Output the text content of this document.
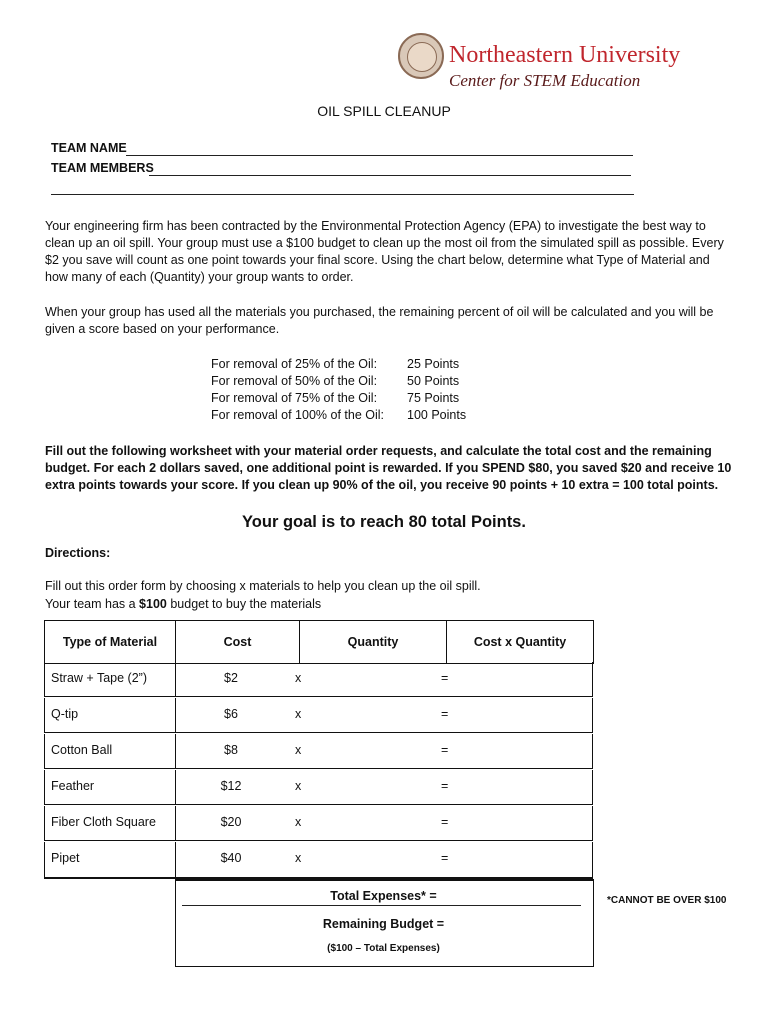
Northeastern University
Center for STEM Education
OIL SPILL CLEANUP
TEAM NAME
TEAM MEMBERS
Your engineering firm has been contracted by the Environmental Protection Agency (EPA) to investigate the best way to clean up an oil spill. Your group must use a $100 budget to clean up the most oil from the simulated spill as possible. Every $2 you save will count as one point towards your final score. Using the chart below, determine what Type of Material and how many of each (Quantity) your group wants to order.
When your group has used all the materials you purchased, the remaining percent of oil will be calculated and you will be given a score based on your performance.
For removal of 25% of the Oil: 25 Points
For removal of 50% of the Oil: 50 Points
For removal of 75% of the Oil: 75 Points
For removal of 100% of the Oil: 100 Points
Fill out the following worksheet with your material order requests, and calculate the total cost and the remaining budget. For each 2 dollars saved, one additional point is rewarded. If you SPEND $80, you saved $20 and receive 10 extra points towards your score. If you clean up 90% of the oil, you receive 90 points + 10 extra = 100 total points.
Your goal is to reach 80 total Points.
Directions:
Fill out this order form by choosing x materials to help you clean up the oil spill.
Your team has a $100 budget to buy the materials
Type of Material	Cost	Quantity	Cost x Quantity
Straw + Tape (2”)	$2	x	=
Q-tip	$6	x	=
Cotton Ball	$8	x	=
Feather	$12	x	=
Fiber Cloth Square	$20	x	=
Pipet	$40	x	=
Total Expenses* =
Remaining Budget =
($100 – Total Expenses)
*CANNOT BE OVER $100
